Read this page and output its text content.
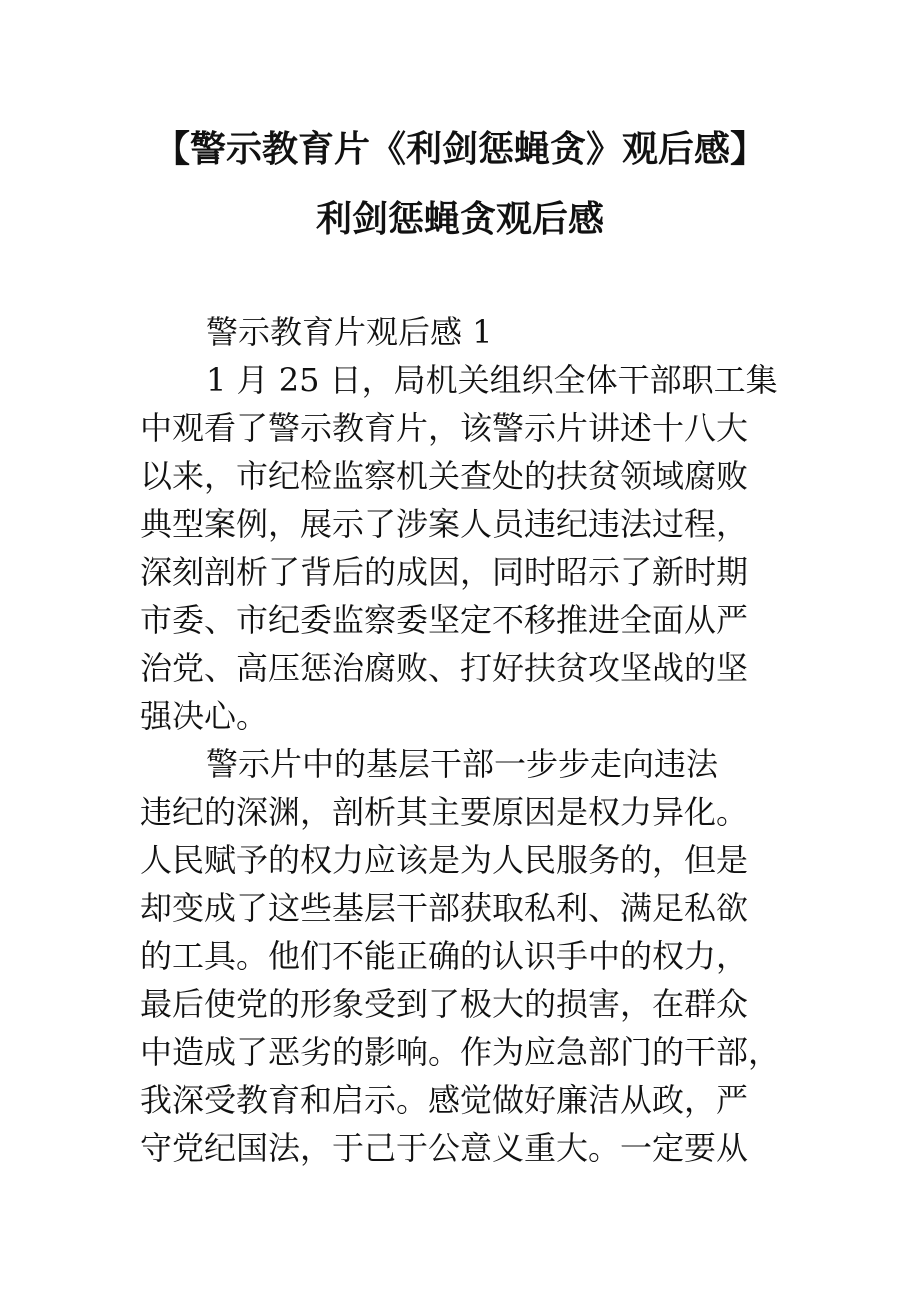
【警示教育片《利剑惩蝇贪》观后感】
利剑惩蝇贪观后感

警示教育片观后感 1

1 月 25 日，局机关组织全体干部职工集

中观看了警示教育片，该警示片讲述十八大

以来，市纪检监察机关查处的扶贫领域腐败

典型案例，展示了涉案人员违纪违法过程，

深刻剖析了背后的成因，同时昭示了新时期

市委、市纪委监察委坚定不移推进全面从严

治党、高压惩治腐败、打好扶贫攻坚战的坚

强决心。

警示片中的基层干部一步步走向违法

违纪的深渊，剖析其主要原因是权力异化。

人民赋予的权力应该是为人民服务的，但是

却变成了这些基层干部获取私利、满足私欲

的工具。他们不能正确的认识手中的权力，

最后使党的形象受到了极大的损害，在群众

中造成了恶劣的影响。作为应急部门的干部，

我深受教育和启示。感觉做好廉洁从政，严

守党纪国法，于己于公意义重大。一定要从
